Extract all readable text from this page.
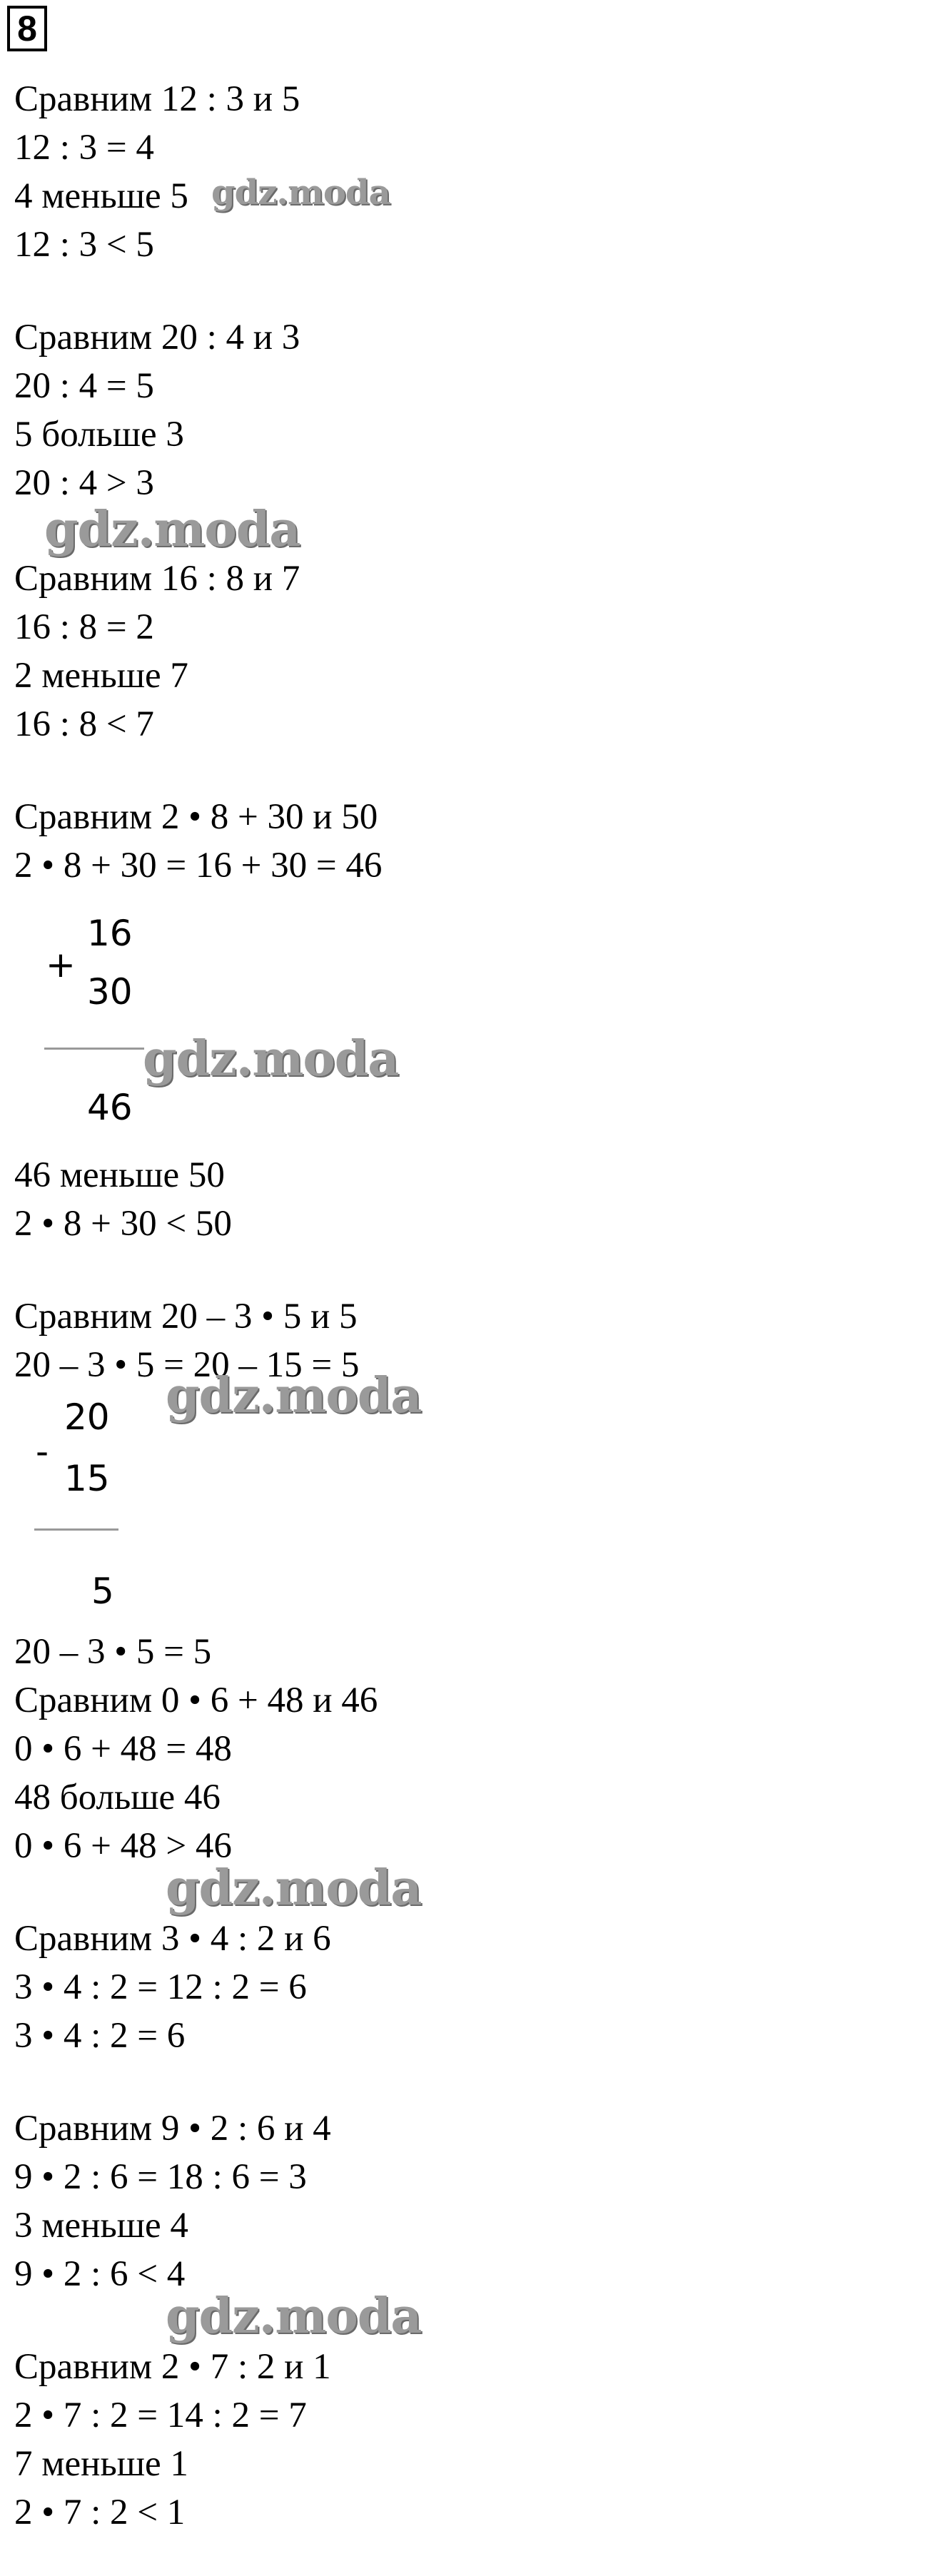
8
Сравним 12 : 3 и 5
12 : 3 = 4
4 меньше 5
12 : 3 < 5
gdz.moda
Сравним 20 : 4 и 3
20 : 4 = 5
5 больше 3
20 : 4 > 3
gdz.moda
Сравним 16 : 8 и 7
16 : 8 = 2
2 меньше 7
16 : 8 < 7
Сравним 2 • 8 + 30 и 50
2 • 8 + 30 = 16 + 30 = 46
+
16
30
46
gdz.moda
46 меньше 50
2 • 8 + 30 < 50
Сравним 20 – 3 • 5 и 5
20 – 3 • 5 = 20 – 15 = 5
-
20
15
5
gdz.moda
20 – 3 • 5 = 5
Сравним 0 • 6 + 48 и 46
0 • 6 + 48 = 48
48 больше 46
0 • 6 + 48 > 46
gdz.moda
Сравним 3 • 4 : 2 и 6
3 • 4 : 2 = 12 : 2 = 6
3 • 4 : 2 = 6
Сравним 9 • 2 : 6 и 4
9 • 2 : 6 = 18 : 6 = 3
3 меньше 4
9 • 2 : 6 < 4
gdz.moda
Сравним 2 • 7 : 2 и 1
2 • 7 : 2 = 14 : 2 = 7
7 меньше 1
2 • 7 : 2 < 1
